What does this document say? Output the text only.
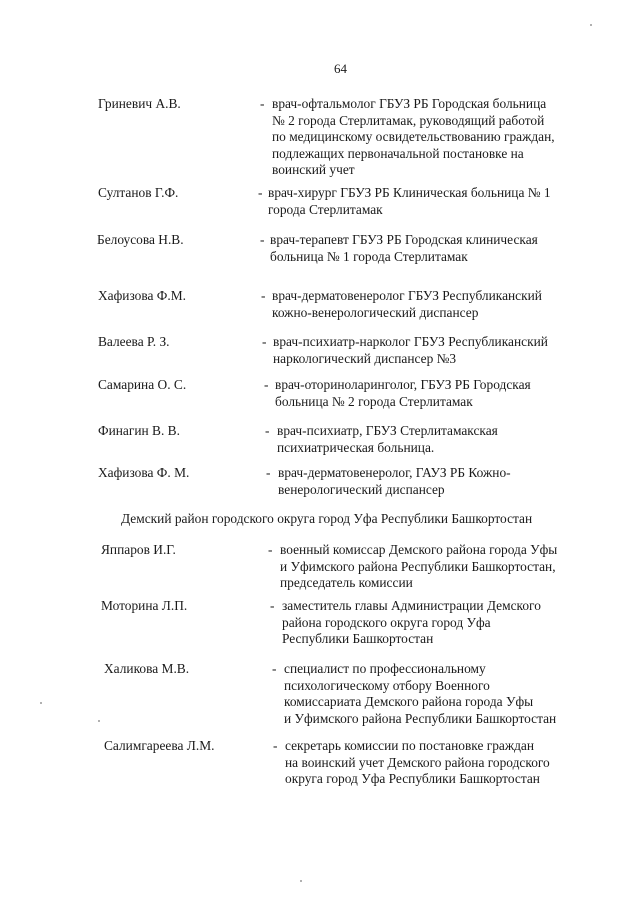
64
Гриневич А.В.	- врач-офтальмолог ГБУЗ РБ Городская больница
№ 2 города Стерлитамак, руководящий работой
по медицинскому освидетельствованию граждан,
подлежащих первоначальной постановке на
воинский учет
Султанов Г.Ф.	- врач-хирург ГБУЗ РБ Клиническая больница № 1
города Стерлитамак
Белоусова Н.В.	- врач-терапевт ГБУЗ РБ Городская клиническая
больница № 1 города Стерлитамак
Хафизова Ф.М.	- врач-дерматовенеролог ГБУЗ Республиканский
кожно-венерологический диспансер
Валеева Р. З.	- врач-психиатр-нарколог ГБУЗ Республиканский
наркологический диспансер №3
Самарина О. С.	- врач-оториноларинголог, ГБУЗ РБ Городская
больница № 2 города Стерлитамак
Финагин В. В.	- врач-психиатр, ГБУЗ Стерлитамакская
психиатрическая больница.
Хафизова Ф. М.	- врач-дерматовенеролог, ГАУЗ РБ Кожно-
венерологический диспансер
Демский район городского округа город Уфа Республики Башкортостан
Яппаров И.Г.	- военный комиссар Демского района города Уфы
и Уфимского района Республики Башкортостан,
председатель комиссии
Моторина Л.П.	- заместитель главы Администрации Демского
района городского округа город Уфа
Республики Башкортостан
Халикова М.В.	- специалист по профессиональному
психологическому отбору Военного
комиссариата Демского района города Уфы
и Уфимского района Республики Башкортостан
Салимгареева Л.М.	- секретарь комиссии по постановке граждан
на воинский учет Демского района городского
округа город Уфа Республики Башкортостан
